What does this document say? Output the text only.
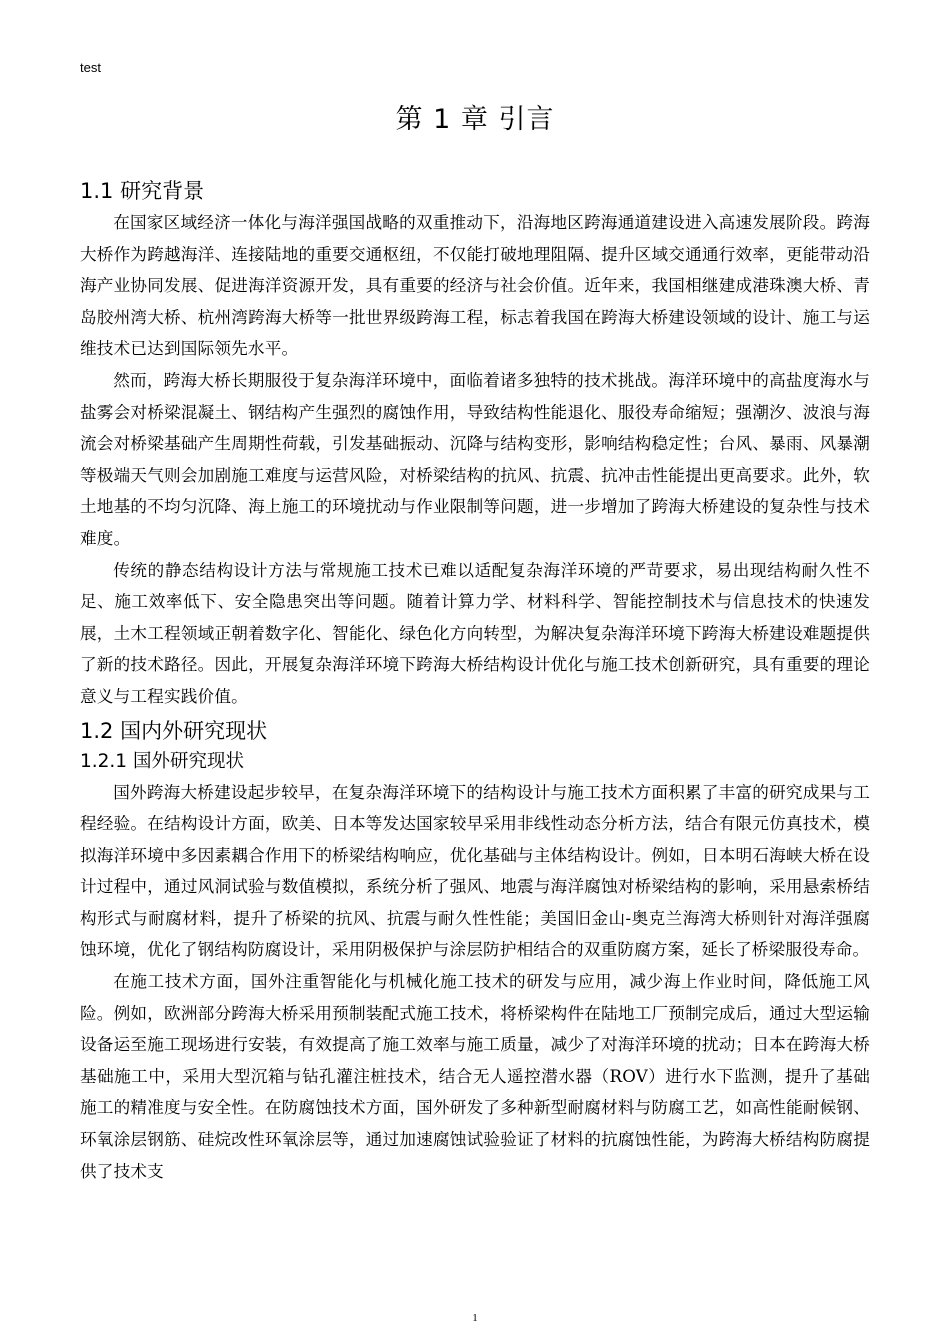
test
第 1 章 引言
1.1 研究背景

在国家区域经济一体化与海洋强国战略的双重推动下，沿海地区跨海通道建设进入高速发展阶段。跨海大桥作为跨越海洋、连接陆地的重要交通枢纽，不仅能打破地理阻隔、提升区域交通通行效率，更能带动沿海产业协同发展、促进海洋资源开发，具有重要的经济与社会价值。近年来，我国相继建成港珠澳大桥、青岛胶州湾大桥、杭州湾跨海大桥等一批世界级跨海工程，标志着我国在跨海大桥建设领域的设计、施工与运维技术已达到国际领先水平。

然而，跨海大桥长期服役于复杂海洋环境中，面临着诸多独特的技术挑战。海洋环境中的高盐度海水与盐雾会对桥梁混凝土、钢结构产生强烈的腐蚀作用，导致结构性能退化、服役寿命缩短；强潮汐、波浪与海流会对桥梁基础产生周期性荷载，引发基础振动、沉降与结构变形，影响结构稳定性；台风、暴雨、风暴潮等极端天气则会加剧施工难度与运营风险，对桥梁结构的抗风、抗震、抗冲击性能提出更高要求。此外，软土地基的不均匀沉降、海上施工的环境扰动与作业限制等问题，进一步增加了跨海大桥建设的复杂性与技术难度。

传统的静态结构设计方法与常规施工技术已难以适配复杂海洋环境的严苛要求，易出现结构耐久性不足、施工效率低下、安全隐患突出等问题。随着计算力学、材料科学、智能控制技术与信息技术的快速发展，土木工程领域正朝着数字化、智能化、绿色化方向转型，为解决复杂海洋环境下跨海大桥建设难题提供了新的技术路径。因此，开展复杂海洋环境下跨海大桥结构设计优化与施工技术创新研究，具有重要的理论意义与工程实践价值。

1.2 国内外研究现状
1.2.1 国外研究现状

国外跨海大桥建设起步较早，在复杂海洋环境下的结构设计与施工技术方面积累了丰富的研究成果与工程经验。在结构设计方面，欧美、日本等发达国家较早采用非线性动态分析方法，结合有限元仿真技术，模拟海洋环境中多因素耦合作用下的桥梁结构响应，优化基础与主体结构设计。例如，日本明石海峡大桥在设计过程中，通过风洞试验与数值模拟，系统分析了强风、地震与海洋腐蚀对桥梁结构的影响，采用悬索桥结构形式与耐腐材料，提升了桥梁的抗风、抗震与耐久性性能；美国旧金山-奥克兰海湾大桥则针对海洋强腐蚀环境，优化了钢结构防腐设计，采用阴极保护与涂层防护相结合的双重防腐方案，延长了桥梁服役寿命。

在施工技术方面，国外注重智能化与机械化施工技术的研发与应用，减少海上作业时间，降低施工风险。例如，欧洲部分跨海大桥采用预制装配式施工技术，将桥梁构件在陆地工厂预制完成后，通过大型运输设备运至施工现场进行安装，有效提高了施工效率与施工质量，减少了对海洋环境的扰动；日本在跨海大桥基础施工中，采用大型沉箱与钻孔灌注桩技术，结合无人遥控潜水器（ROV）进行水下监测，提升了基础施工的精准度与安全性。在防腐蚀技术方面，国外研发了多种新型耐腐材料与防腐工艺，如高性能耐候钢、环氧涂层钢筋、硅烷改性环氧涂层等，通过加速腐蚀试验验证了材料的抗腐蚀性能，为跨海大桥结构防腐提供了技术支

1
